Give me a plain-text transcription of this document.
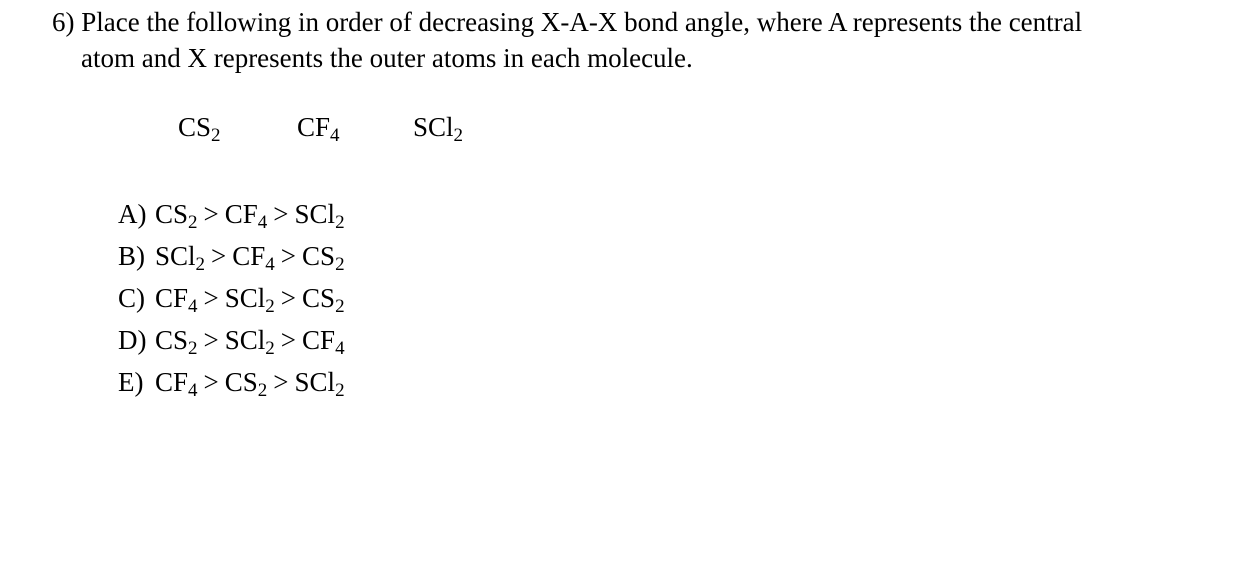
6) Place the following in order of decreasing X-A-X bond angle, where A represents the central
atom and X represents the outer atoms in each molecule.
$CS_2$	$CF_4$	SCl$_2$
A) $CS_2 > CF_4 > SCl_2$
B) $SCl_2 > CF_4 > CS_2$
C) $CF_4 > SCl_2 > CS_2$
D) $CS_2 > SCl_2 > CF_4$
E) $CF_4 > CS_2 > SCl_2$
